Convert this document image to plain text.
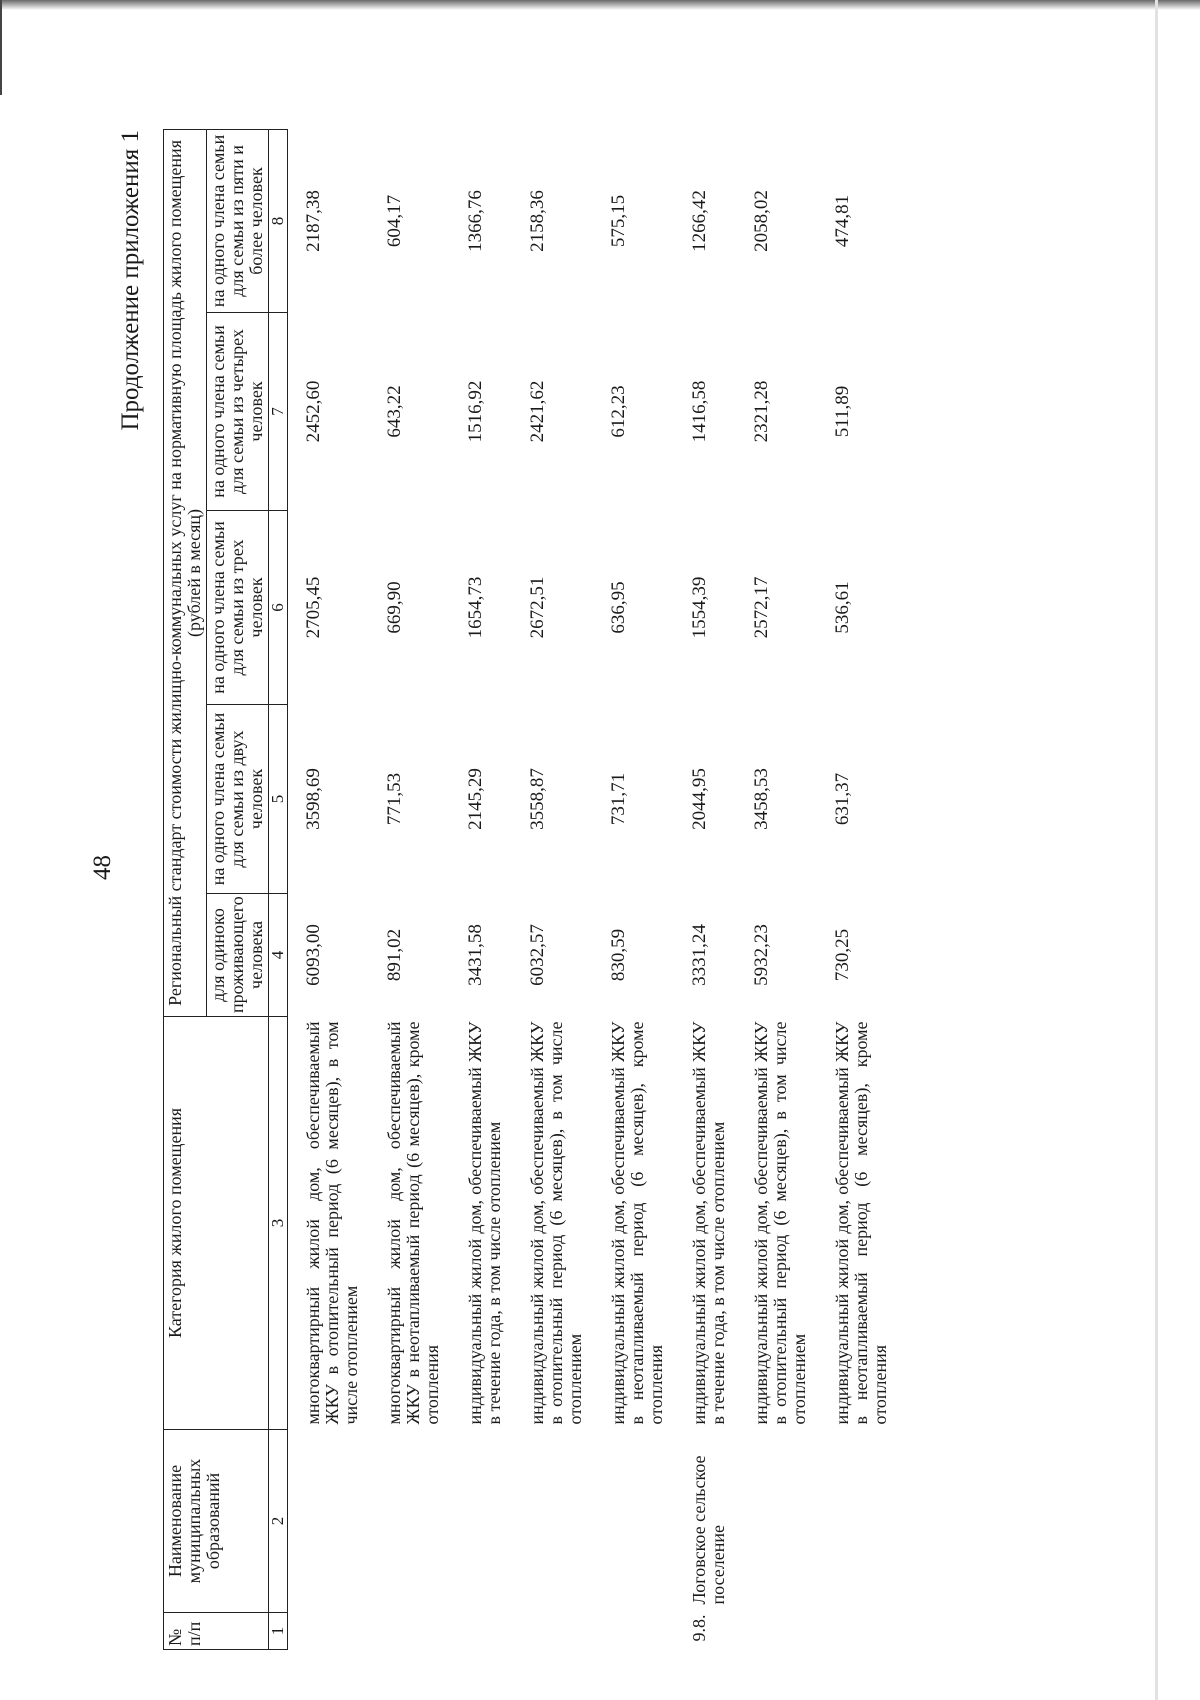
48
Продолжение приложения 1
№ п/п	Наименование муниципальных образований	Категория жилого помещения	Региональный стандарт стоимости жилищно-коммунальных услуг на нормативную площадь жилого помещения (рублей в месяц)				
			для одиноко проживающего человека	на одного члена семьи для семьи из двух человек	на одного члена семьи для семьи из трех человек	на одного члена семьи для семьи из четырех человек	на одного члена семьи для семьи из пяти и более человек
1	2	3	4	5	6	7	8
		многоквартирный жилой дом, обеспечиваемый ЖКУ в отопительный период (6 месяцев), в том числе отоплением	6093,00	3598,69	2705,45	2452,60	2187,38
		многоквартирный жилой дом, обеспечиваемый ЖКУ в неотапливаемый период (6 месяцев), кроме отопления	891,02	771,53	669,90	643,22	604,17
		индивидуальный жилой дом, обеспечиваемый ЖКУ в течение года, в том числе отоплением	3431,58	2145,29	1654,73	1516,92	1366,76
		индивидуальный жилой дом, обеспечиваемый ЖКУ в отопительный период (6 месяцев), в том числе отоплением	6032,57	3558,87	2672,51	2421,62	2158,36
		индивидуальный жилой дом, обеспечиваемый ЖКУ в неотапливаемый период (6 месяцев), кроме отопления	830,59	731,71	636,95	612,23	575,15
9.8.	Логовское сельское поселение	индивидуальный жилой дом, обеспечиваемый ЖКУ в течение года, в том числе отоплением	3331,24	2044,95	1554,39	1416,58	1266,42
		индивидуальный жилой дом, обеспечиваемый ЖКУ в отопительный период (6 месяцев), в том числе отоплением	5932,23	3458,53	2572,17	2321,28	2058,02
		индивидуальный жилой дом, обеспечиваемый ЖКУ в неотапливаемый период (6 месяцев), кроме отопления	730,25	631,37	536,61	511,89	474,81
